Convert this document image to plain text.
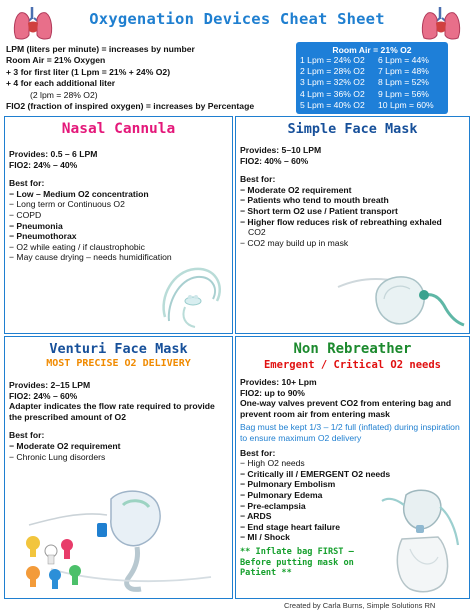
Oxygenation Devices Cheat Sheet
LPM (liters per minute) = increases by number
Room Air = 21% Oxygen
+ 3 for first liter (1 Lpm = 21% + 24% O2)
+ 4 for each additional liter
(2 lpm = 28% O2)
FIO2 (fraction of inspired oxygen) = increases by Percentage
Room Air = 21% O2
1 Lpm = 24% O2	6 Lpm = 44%
2 Lpm = 28% O2	7 Lpm = 48%
3 Lpm = 32% O2	8 Lpm = 52%
4 Lpm = 36% O2	9 Lpm = 56%
5 Lpm = 40% O2	10 Lpm = 60%
Nasal Cannula
Provides: 0.5 – 6 LPM
FIO2: 24% – 40%
Best for:
− Low – Medium O2 concentration
− Long term or Continuous O2
− COPD
− Pneumonia
− Pneumothorax
− O2 while eating / if claustrophobic
− May cause drying – needs humidification
Simple Face Mask
Provides: 5–10 LPM
FIO2: 40% – 60%
Best for:
− Moderate O2 requirement
− Patients who tend to mouth breath
− Short term O2 use / Patient transport
− Higher flow reduces risk of rebreathing exhaled
CO2
− CO2 may build up in mask
Venturi Face Mask
MOST PRECISE O2 DELIVERY
Provides: 2–15 LPM
FIO2: 24% – 60%
Adapter indicates the flow rate required to provide the prescribed amount of O2
Best for:
− Moderate O2 requirement
− Chronic Lung disorders
Non Rebreather
Emergent / Critical O2 needs
Provides: 10+ Lpm
FIO2: up to 90%
One-way valves prevent CO2 from entering bag and prevent room air from entering mask
Bag must be kept 1/3 – 1/2 full (inflated) during inspiration to ensure maximum O2 delivery
Best for:
− High O2 needs
− Critically ill / EMERGENT O2 needs
− Pulmonary Embolism
− Pulmonary Edema
− Pre-eclampsia
− ARDS
− End stage heart failure
− MI / Shock
** Inflate bag FIRST – Before putting mask on Patient **
Created by Carla Burns, Simple Solutions RN
